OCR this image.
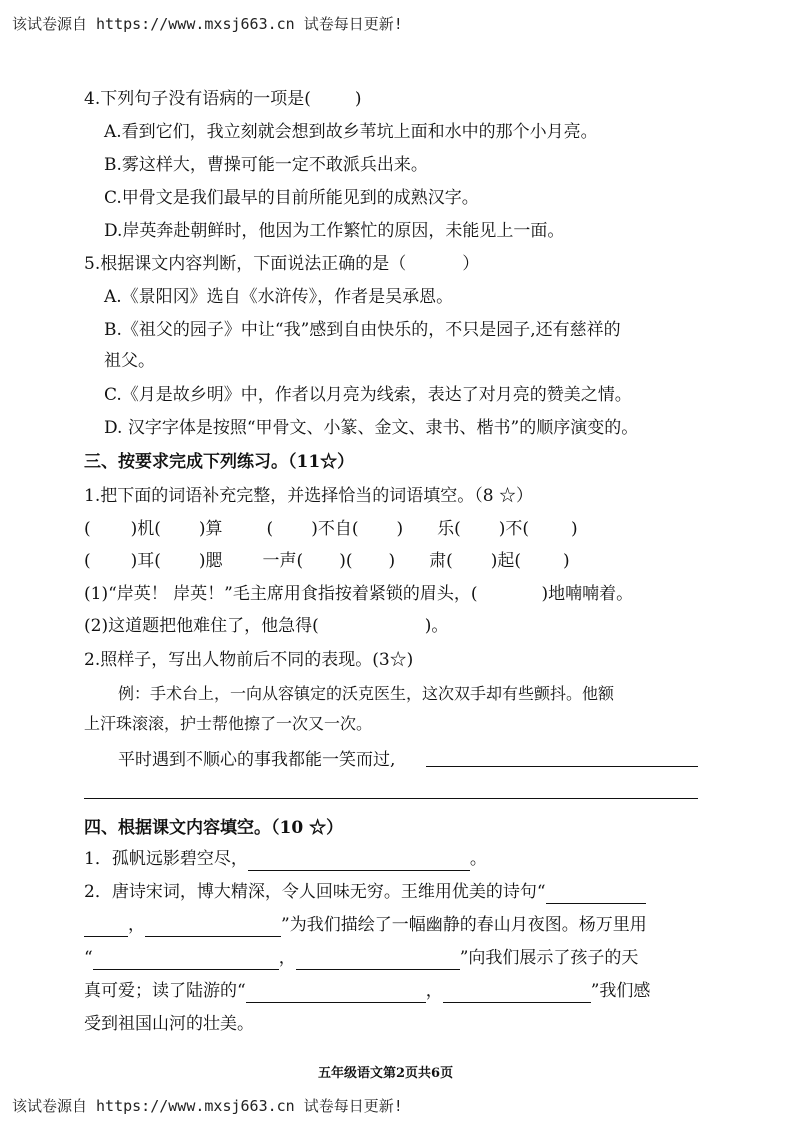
该试卷源自 https://www.mxsj663.cn 试卷每日更新!
4.下列句子没有语病的一项是(	)
A.看到它们，我立刻就会想到故乡苇坑上面和水中的那个小月亮。
B.雾这样大，曹操可能一定不敢派兵出来。
C.甲骨文是我们最早的目前所能见到的成熟汉字。
D.岸英奔赴朝鲜时，他因为工作繁忙的原因，未能见上一面。
5.根据课文内容判断，下面说法正确的是（	）
A.《景阳冈》选自《水浒传》，作者是吴承恩。
B.《祖父的园子》中让“我”感到自由快乐的，不只是园子,还有慈祥的
祖父。
C.《月是故乡明》中，作者以月亮为线索，表达了对月亮的赞美之情。
D. 汉字字体是按照“甲骨文、小篆、金文、隶书、楷书”的顺序演变的。
三、按要求完成下列练习。（11☆）
1.把下面的词语补充完整，并选择恰当的词语填空。（8 ☆）
( )机( )算	( )不自( ) 乐( )不( )
( )耳( )腮 一声( )( ) 肃( )起( )
(1)“岸英！ 岸英！”毛主席用食指按着紧锁的眉头，(	)地喃喃着。
(2)这道题把他难住了，他急得(	)。
2.照样子，写出人物前后不同的表现。(3☆)
例：手术台上，一向从容镇定的沃克医生，这次双手却有些颤抖。他额
上汗珠滚滚，护士帮他擦了一次又一次。
平时遇到不顺心的事我都能一笑而过,
四、根据课文内容填空。（10 ☆）
1．孤帆远影碧空尽，	。
2．唐诗宋词，博大精深，令人回味无穷。王维用优美的诗句“
，	”为我们描绘了一幅幽静的春山月夜图。杨万里用
“	，	”向我们展示了孩子的天
真可爱；读了陆游的“	，	”我们感
受到祖国山河的壮美。
五年级语文第2页共6页
该试卷源自 https://www.mxsj663.cn 试卷每日更新!
